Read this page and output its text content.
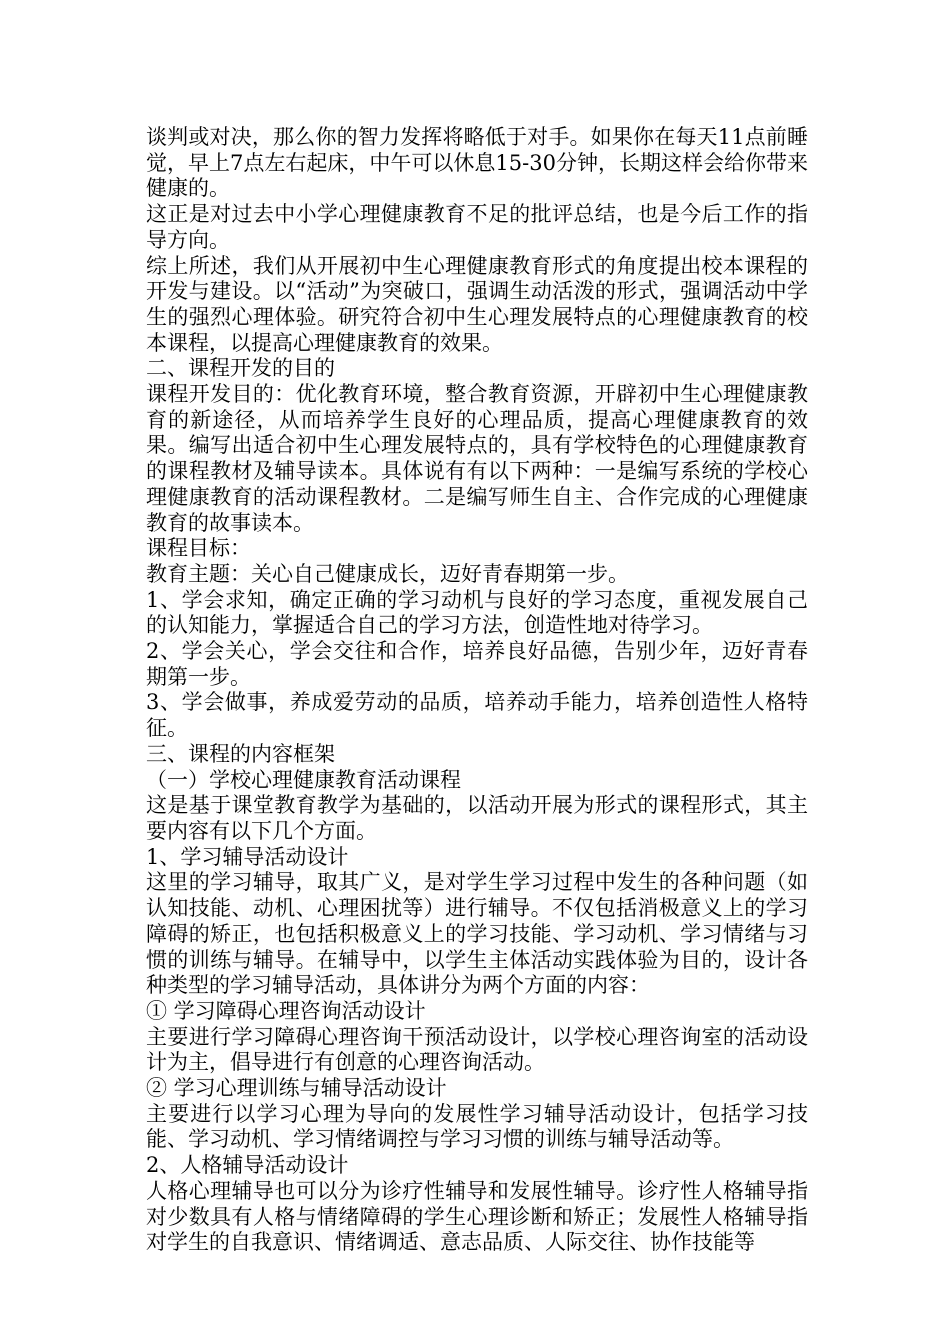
谈判或对决，那么你的智力发挥将略低于对手。如果你在每天11点前睡觉，早上7点左右起床，中午可以休息15-30分钟，长期这样会给你带来健康的。

这正是对过去中小学心理健康教育不足的批评总结，也是今后工作的指导方向。

综上所述，我们从开展初中生心理健康教育形式的角度提出校本课程的开发与建设。以“活动”为突破口，强调生动活泼的形式，强调活动中学生的强烈心理体验。研究符合初中生心理发展特点的心理健康教育的校本课程，以提高心理健康教育的效果。

二、课程开发的目的

课程开发目的：优化教育环境，整合教育资源，开辟初中生心理健康教育的新途径，从而培养学生良好的心理品质，提高心理健康教育的效果。编写出适合初中生心理发展特点的，具有学校特色的心理健康教育的课程教材及辅导读本。具体说有有以下两种：一是编写系统的学校心理健康教育的活动课程教材。二是编写师生自主、合作完成的心理健康教育的故事读本。

课程目标：

教育主题：关心自己健康成长，迈好青春期第一步。

1、学会求知，确定正确的学习动机与良好的学习态度，重视发展自己的认知能力，掌握适合自己的学习方法，创造性地对待学习。

2、学会关心，学会交往和合作，培养良好品德，告别少年，迈好青春期第一步。

3、学会做事，养成爱劳动的品质，培养动手能力，培养创造性人格特征。

三、课程的内容框架

（一）学校心理健康教育活动课程

这是基于课堂教育教学为基础的，以活动开展为形式的课程形式，其主要内容有以下几个方面。

1、学习辅导活动设计

这里的学习辅导，取其广义，是对学生学习过程中发生的各种问题（如认知技能、动机、心理困扰等）进行辅导。不仅包括消极意义上的学习障碍的矫正，也包括积极意义上的学习技能、学习动机、学习情绪与习惯的训练与辅导。在辅导中，以学生主体活动实践体验为目的，设计各种类型的学习辅导活动，具体讲分为两个方面的内容：

① 学习障碍心理咨询活动设计

主要进行学习障碍心理咨询干预活动设计，以学校心理咨询室的活动设计为主，倡导进行有创意的心理咨询活动。

② 学习心理训练与辅导活动设计

主要进行以学习心理为导向的发展性学习辅导活动设计，包括学习技能、学习动机、学习情绪调控与学习习惯的训练与辅导活动等。

2、人格辅导活动设计

人格心理辅导也可以分为诊疗性辅导和发展性辅导。诊疗性人格辅导指对少数具有人格与情绪障碍的学生心理诊断和矫正；发展性人格辅导指对学生的自我意识、情绪调适、意志品质、人际交往、协作技能等
